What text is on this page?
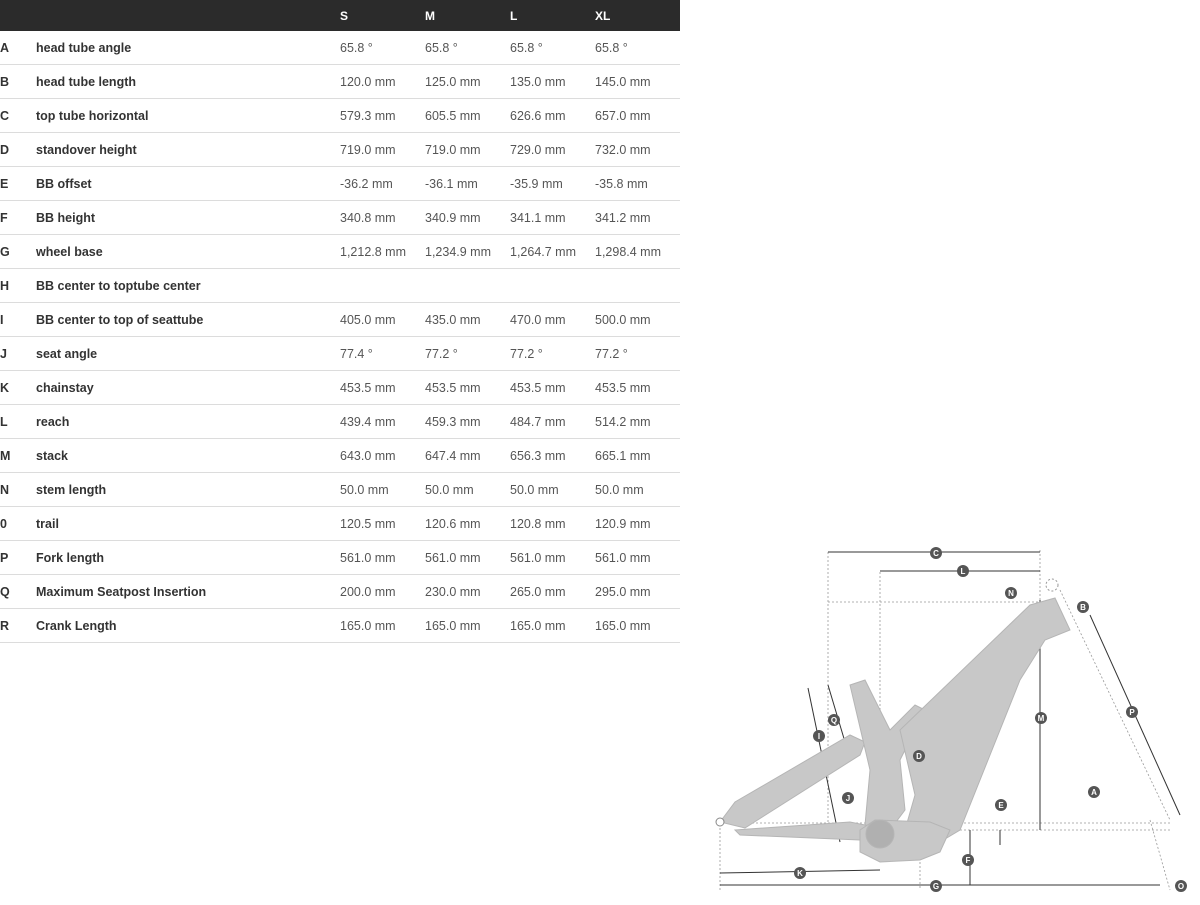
		S	M	L	XL
A	head tube angle	65.8 °	65.8 °	65.8 °	65.8 °
B	head tube length	120.0 mm	125.0 mm	135.0 mm	145.0 mm
C	top tube horizontal	579.3 mm	605.5 mm	626.6 mm	657.0 mm
D	standover height	719.0 mm	719.0 mm	729.0 mm	732.0 mm
E	BB offset	-36.2 mm	-36.1 mm	-35.9 mm	-35.8 mm
F	BB height	340.8 mm	340.9 mm	341.1 mm	341.2 mm
G	wheel base	1,212.8 mm	1,234.9 mm	1,264.7 mm	1,298.4 mm
H	BB center to toptube center				
I	BB center to top of seattube	405.0 mm	435.0 mm	470.0 mm	500.0 mm
J	seat angle	77.4 °	77.2 °	77.2 °	77.2 °
K	chainstay	453.5 mm	453.5 mm	453.5 mm	453.5 mm
L	reach	439.4 mm	459.3 mm	484.7 mm	514.2 mm
M	stack	643.0 mm	647.4 mm	656.3 mm	665.1 mm
N	stem length	50.0 mm	50.0 mm	50.0 mm	50.0 mm
0	trail	120.5 mm	120.6 mm	120.8 mm	120.9 mm
P	Fork length	561.0 mm	561.0 mm	561.0 mm	561.0 mm
Q	Maximum Seatpost Insertion	200.0 mm	230.0 mm	265.0 mm	295.0 mm
R	Crank Length	165.0 mm	165.0 mm	165.0 mm	165.0 mm
C
L
N
B
P
M
A
E
F
G	O
K
I
Q
D
J
